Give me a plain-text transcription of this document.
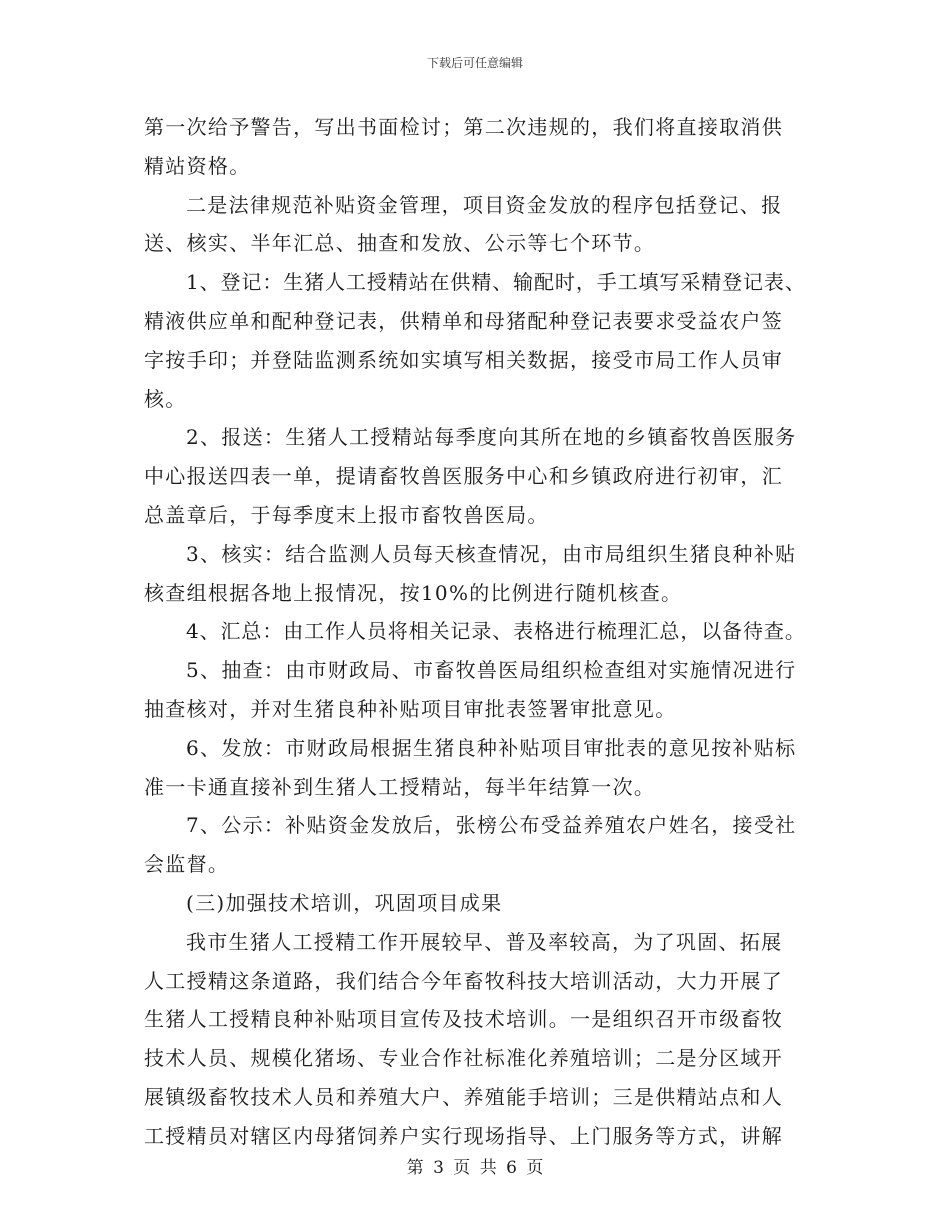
下载后可任意编辑
第一次给予警告，写出书面检讨；第二次违规的，我们将直接取消供
精站资格。
二是法律规范补贴资金管理，项目资金发放的程序包括登记、报
送、核实、半年汇总、抽查和发放、公示等七个环节。
1、登记：生猪人工授精站在供精、输配时，手工填写采精登记表、
精液供应单和配种登记表，供精单和母猪配种登记表要求受益农户签
字按手印；并登陆监测系统如实填写相关数据，接受市局工作人员审
核。
2、报送：生猪人工授精站每季度向其所在地的乡镇畜牧兽医服务
中心报送四表一单，提请畜牧兽医服务中心和乡镇政府进行初审，汇
总盖章后，于每季度末上报市畜牧兽医局。
3、核实：结合监测人员每天核查情况，由市局组织生猪良种补贴
核查组根据各地上报情况，按10%的比例进行随机核查。
4、汇总：由工作人员将相关记录、表格进行梳理汇总，以备待查。
5、抽查：由市财政局、市畜牧兽医局组织检查组对实施情况进行
抽查核对，并对生猪良种补贴项目审批表签署审批意见。
6、发放：市财政局根据生猪良种补贴项目审批表的意见按补贴标
准一卡通直接补到生猪人工授精站，每半年结算一次。
7、公示：补贴资金发放后，张榜公布受益养殖农户姓名，接受社
会监督。
(三)加强技术培训，巩固项目成果
我市生猪人工授精工作开展较早、普及率较高，为了巩固、拓展
人工授精这条道路，我们结合今年畜牧科技大培训活动，大力开展了
生猪人工授精良种补贴项目宣传及技术培训。一是组织召开市级畜牧
技术人员、规模化猪场、专业合作社标准化养殖培训；二是分区域开
展镇级畜牧技术人员和养殖大户、养殖能手培训；三是供精站点和人
工授精员对辖区内母猪饲养户实行现场指导、上门服务等方式，讲解
第 3 页 共 6 页
